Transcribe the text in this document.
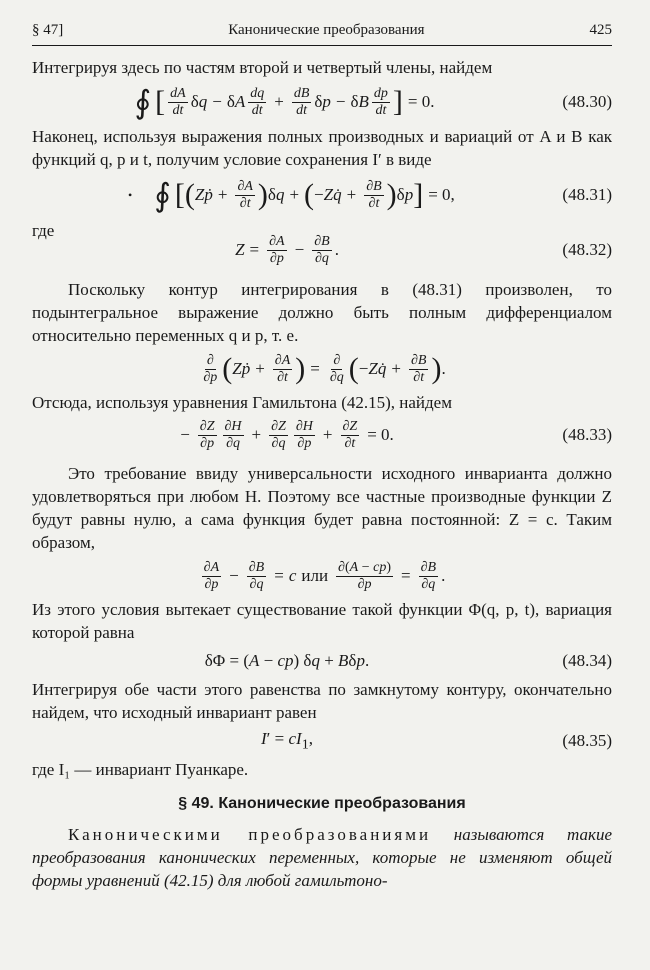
§ 47]	Канонические преобразования	425

Интегрируя здесь по частям второй и четвертый члены, найдем

∮ [ $\frac{dA}{dt}$ δq − δA $\frac{dq}{dt} + \frac{dB}{dt}$ δp − δB $\frac{dp}{dt}$ ] = 0.	(48.30)

Наконец, используя выражения полных производных и вариаций от A и B как функций q, p и t, получим условие сохранения I′ в виде

• ∮ [ ( Zṗ + $\frac{\partial A}{\partial t}$ ) δq + ( −Zq̇ + $\frac{\partial B}{\partial t}$ ) δp ] = 0,	(48.31)

где

$Z = \frac{\partial A}{\partial p} - \frac{\partial B}{\partial q}$ .	(48.32)

Поскольку контур интегрирования в (48.31) произволен, то подынтегральное выражение должно быть полным дифференциалом относительно переменных q и p, т. е.

$\frac{\partial}{\partial p}$ ( Zṗ + $\frac{\partial A}{\partial t}$ ) = $\frac{\partial}{\partial q}$ ( −Zq̇ + $\frac{\partial B}{\partial t}$ ) .

Отсюда, используя уравнения Гамильтона (42.15), найдем

− $\frac{\partial Z}{\partial p} \frac{\partial H}{\partial q} + \frac{\partial Z}{\partial q} \frac{\partial H}{\partial p} + \frac{\partial Z}{\partial t} = 0$.	(48.33)

Это требование ввиду универсальности исходного инварианта должно удовлетворяться при любом H. Поэтому все частные производные функции Z будут равны нулю, а сама функция будет равна постоянной: Z = c. Таким образом,

$\frac{\partial A}{\partial p} - \frac{\partial B}{\partial q} = c$ или $\frac{\partial(A - cp)}{\partial p} = \frac{\partial B}{\partial q}$ .

Из этого условия вытекает существование такой функции Φ(q, p, t), вариация которой равна

δΦ = (A − cp) δq + Bδp.	(48.34)

Интегрируя обе части этого равенства по замкнутому контуру, окончательно найдем, что исходный инвариант равен

$I' = cI_1$,	(48.35)

где I₁ — инвариант Пуанкаре.

§ 49. Канонические преобразования

Каноническими преобразованиями называются такие преобразования канонических переменных, которые не изменяют общей формы уравнений (42.15) для любой гамильтоно-
